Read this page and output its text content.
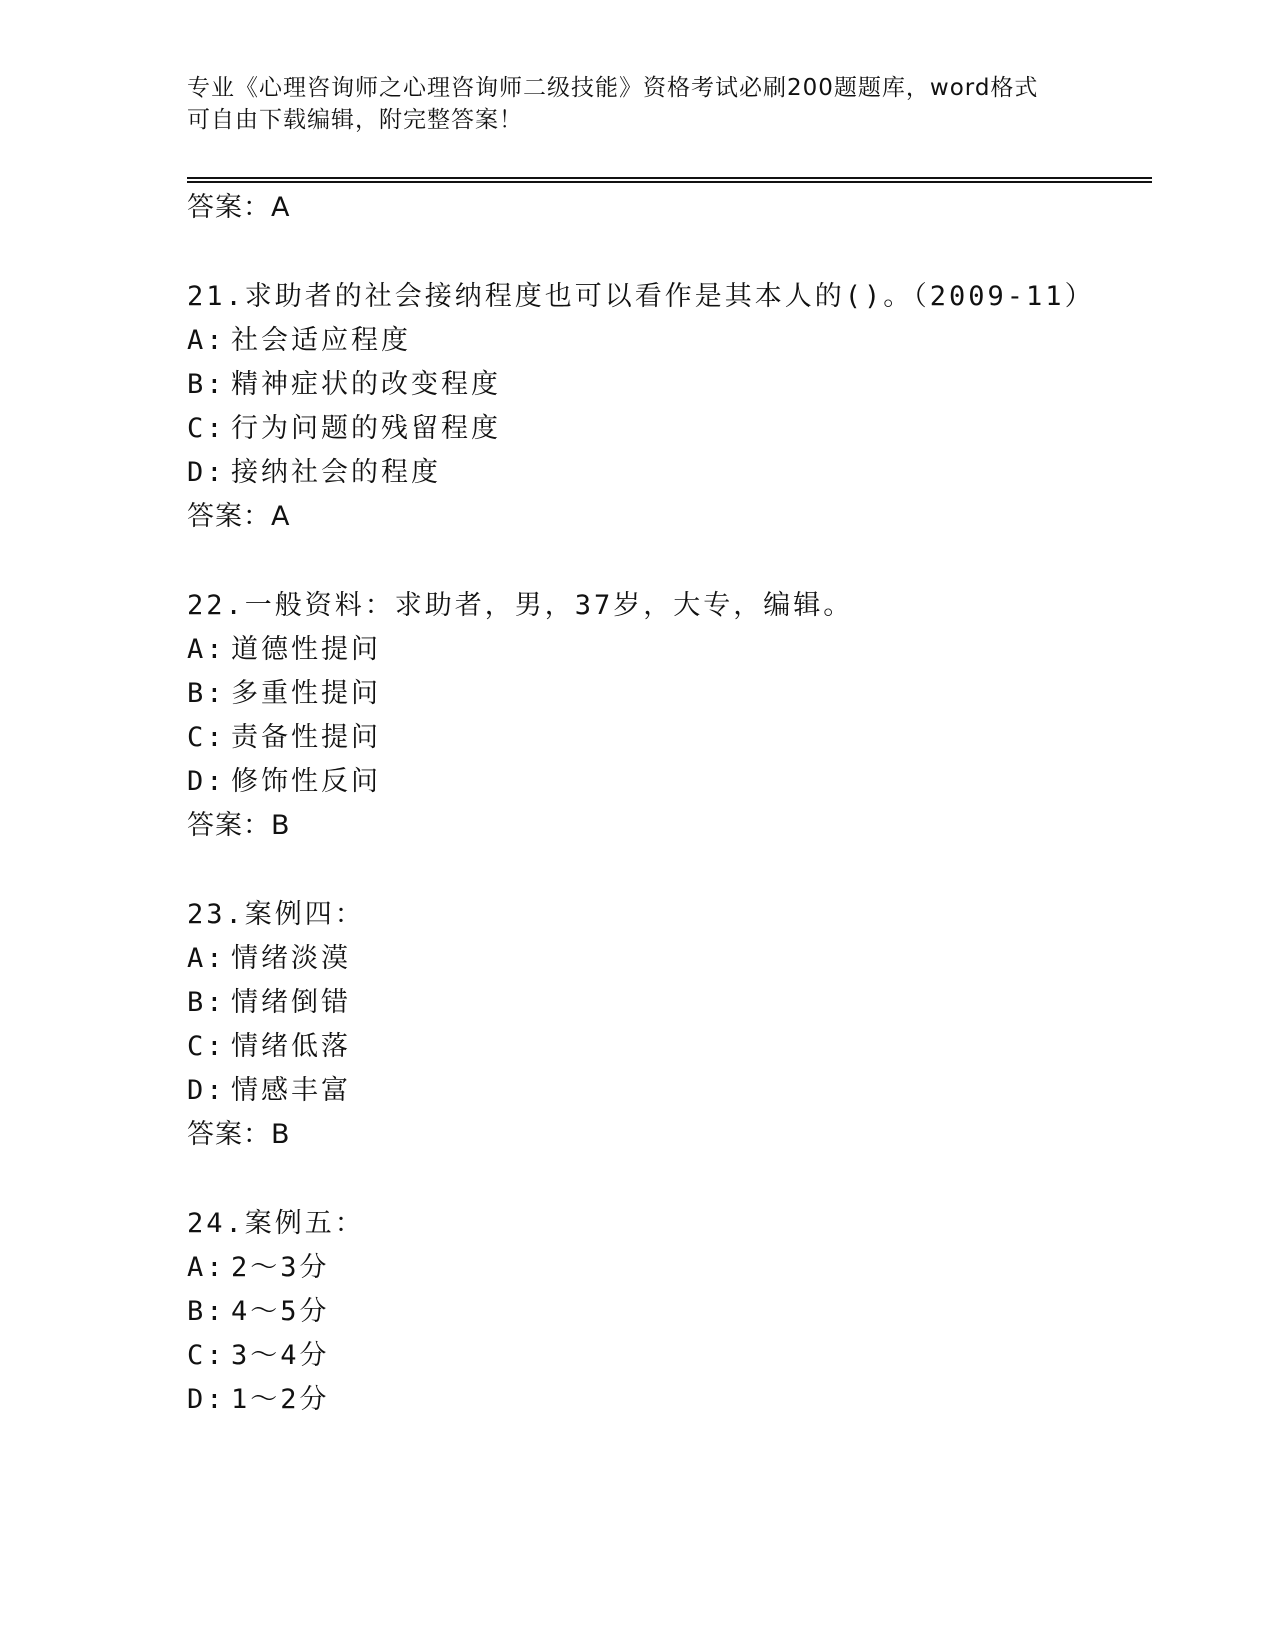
专业《心理咨询师之心理咨询师二级技能》资格考试必刷200题题库，word格式
可自由下载编辑，附完整答案！
答案：A
21.求助者的社会接纳程度也可以看作是其本人的()。（2009-11）
A: 社会适应程度
B: 精神症状的改变程度
C: 行为问题的残留程度
D: 接纳社会的程度
答案：A
22.一般资料：求助者，男，37岁，大专，编辑。
A: 道德性提问
B: 多重性提问
C: 责备性提问
D: 修饰性反问
答案：B
23.案例四：
A: 情绪淡漠
B: 情绪倒错
C: 情绪低落
D: 情感丰富
答案：B
24.案例五：
A: 2～3分
B: 4～5分
C: 3～4分
D: 1～2分
